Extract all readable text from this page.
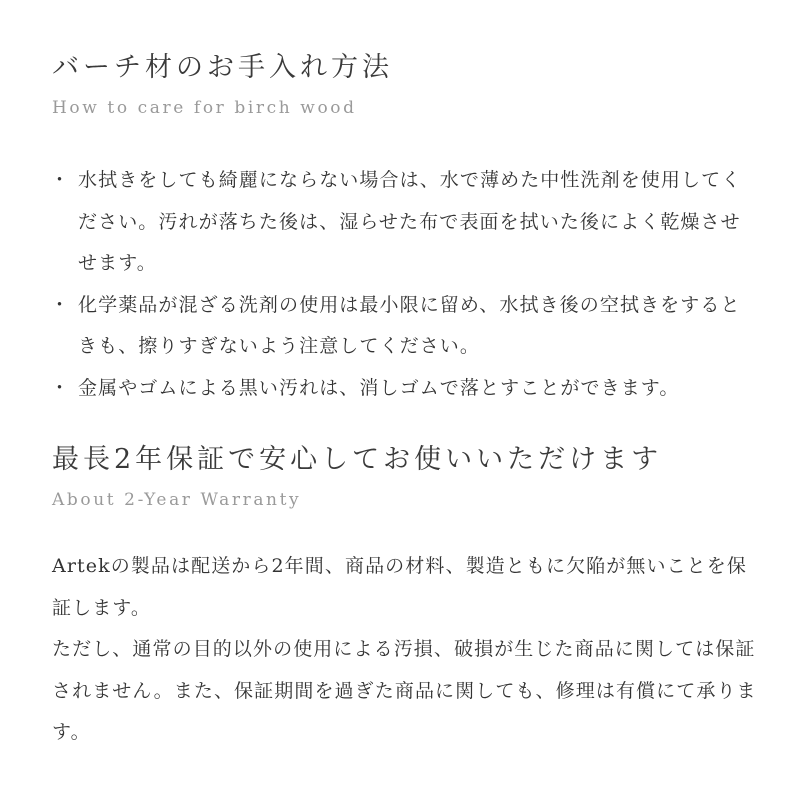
バーチ材のお手入れ方法

How to care for birch wood

・ 水拭きをしても綺麗にならない場合は、水で薄めた中性洗剤を使用してください。汚れが落ちた後は、湿らせた布で表面を拭いた後によく乾燥させせます。
・ 化学薬品が混ざる洗剤の使用は最小限に留め、水拭き後の空拭きをするときも、擦りすぎないよう注意してください。
・ 金属やゴムによる黒い汚れは、消しゴムで落とすことができます。
最長2年保証で安心してお使いいただけます

About 2-Year Warranty

Artekの製品は配送から2年間、商品の材料、製造ともに欠陥が無いことを保証します。

ただし、通常の目的以外の使用による汚損、破損が生じた商品に関しては保証されません。また、保証期間を過ぎた商品に関しても、修理は有償にて承ります。
